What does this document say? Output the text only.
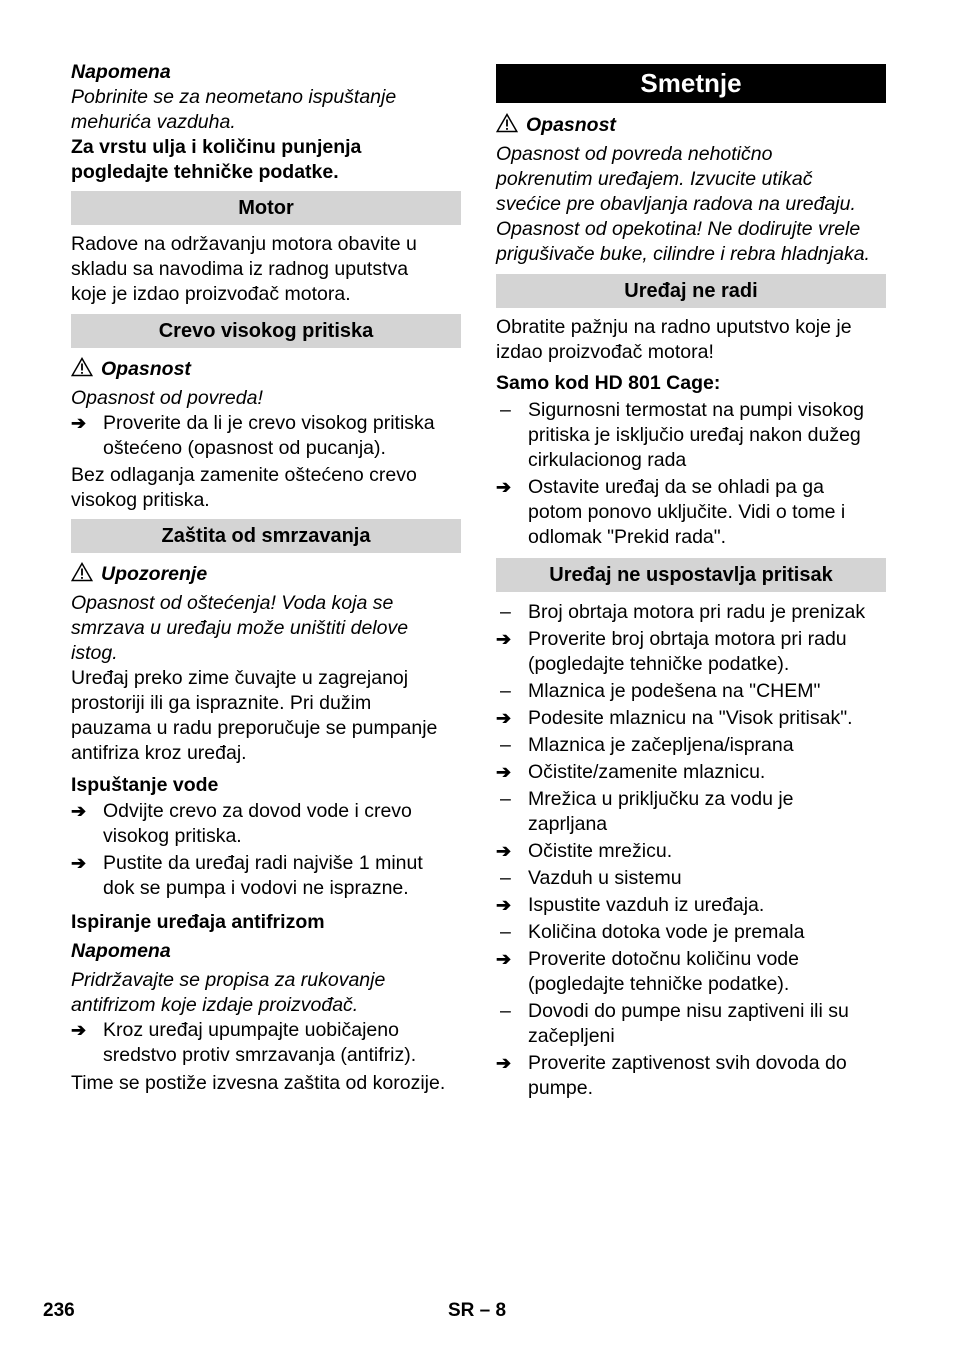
Napomena

Pobrinite se za neometano ispuštanje

mehurića vazduha.

Za vrstu ulja i količinu punjenja

pogledajte tehničke podatke.

Motor

Radove na održavanju motora obavite u

skladu sa navodima iz radnog uputstva

koje je izdao proizvođač motora.

Crevo visokog pritiska

Opasnost

Opasnost od povreda!

➔ Proverite da li je crevo visokog pritiska

oštećeno (opasnost od pucanja).

Bez odlaganja zamenite oštećeno crevo

visokog pritiska.

Zaštita od smrzavanja

Upozorenje

Opasnost od oštećenja! Voda koja se

smrzava u uređaju može uništiti delove

istog.

Uređaj preko zime čuvajte u zagrejanoj

prostoriji ili ga ispraznite. Pri dužim

pauzama u radu preporučuje se pumpanje

antifriza kroz uređaj.

Ispuštanje vode

➔ Odvijte crevo za dovod vode i crevo

visokog pritiska.

➔ Pustite da uređaj radi najviše 1 minut

dok se pumpa i vodovi ne isprazne.

Ispiranje uređaja antifrizom

Napomena

Pridržavajte se propisa za rukovanje

antifrizom koje izdaje proizvođač.

➔ Kroz uređaj upumpajte uobičajeno

sredstvo protiv smrzavanja (antifriz).

Time se postiže izvesna zaštita od korozije.

Smetnje

Opasnost

Opasnost od povreda nehotično

pokrenutim uređajem. Izvucite utikač

svećice pre obavljanja radova na uređaju.

Opasnost od opekotina! Ne dodirujte vrele

prigušivače buke, cilindre i rebra hladnjaka.

Uređaj ne radi

Obratite pažnju na radno uputstvo koje je

izdao proizvođač motora!

Samo kod HD 801 Cage:

– Sigurnosni termostat na pumpi visokog

pritiska je isključio uređaj nakon dužeg

cirkulacionog rada

➔ Ostavite uređaj da se ohladi pa ga

potom ponovo uključite. Vidi o tome i

odlomak "Prekid rada".

Uređaj ne uspostavlja pritisak
– Broj obrtaja motora pri radu je prenizak

➔ Proverite broj obrtaja motora pri radu

(pogledajte tehničke podatke).

– Mlaznica je podešena na "CHEM"

➔ Podesite mlaznicu na "Visok pritisak".

– Mlaznica je začepljena/isprana

➔ Očistite/zamenite mlaznicu.

– Mrežica u priključku za vodu je

zaprljana

➔ Očistite mrežicu.

– Vazduh u sistemu

➔ Ispustite vazduh iz uređaja.

– Količina dotoka vode je premala

➔ Proverite dotočnu količinu vode

(pogledajte tehničke podatke).

– Dovodi do pumpe nisu zaptiveni ili su

začepljeni

➔ Proverite zaptivenost svih dovoda do

pumpe.

236	SR – 8
